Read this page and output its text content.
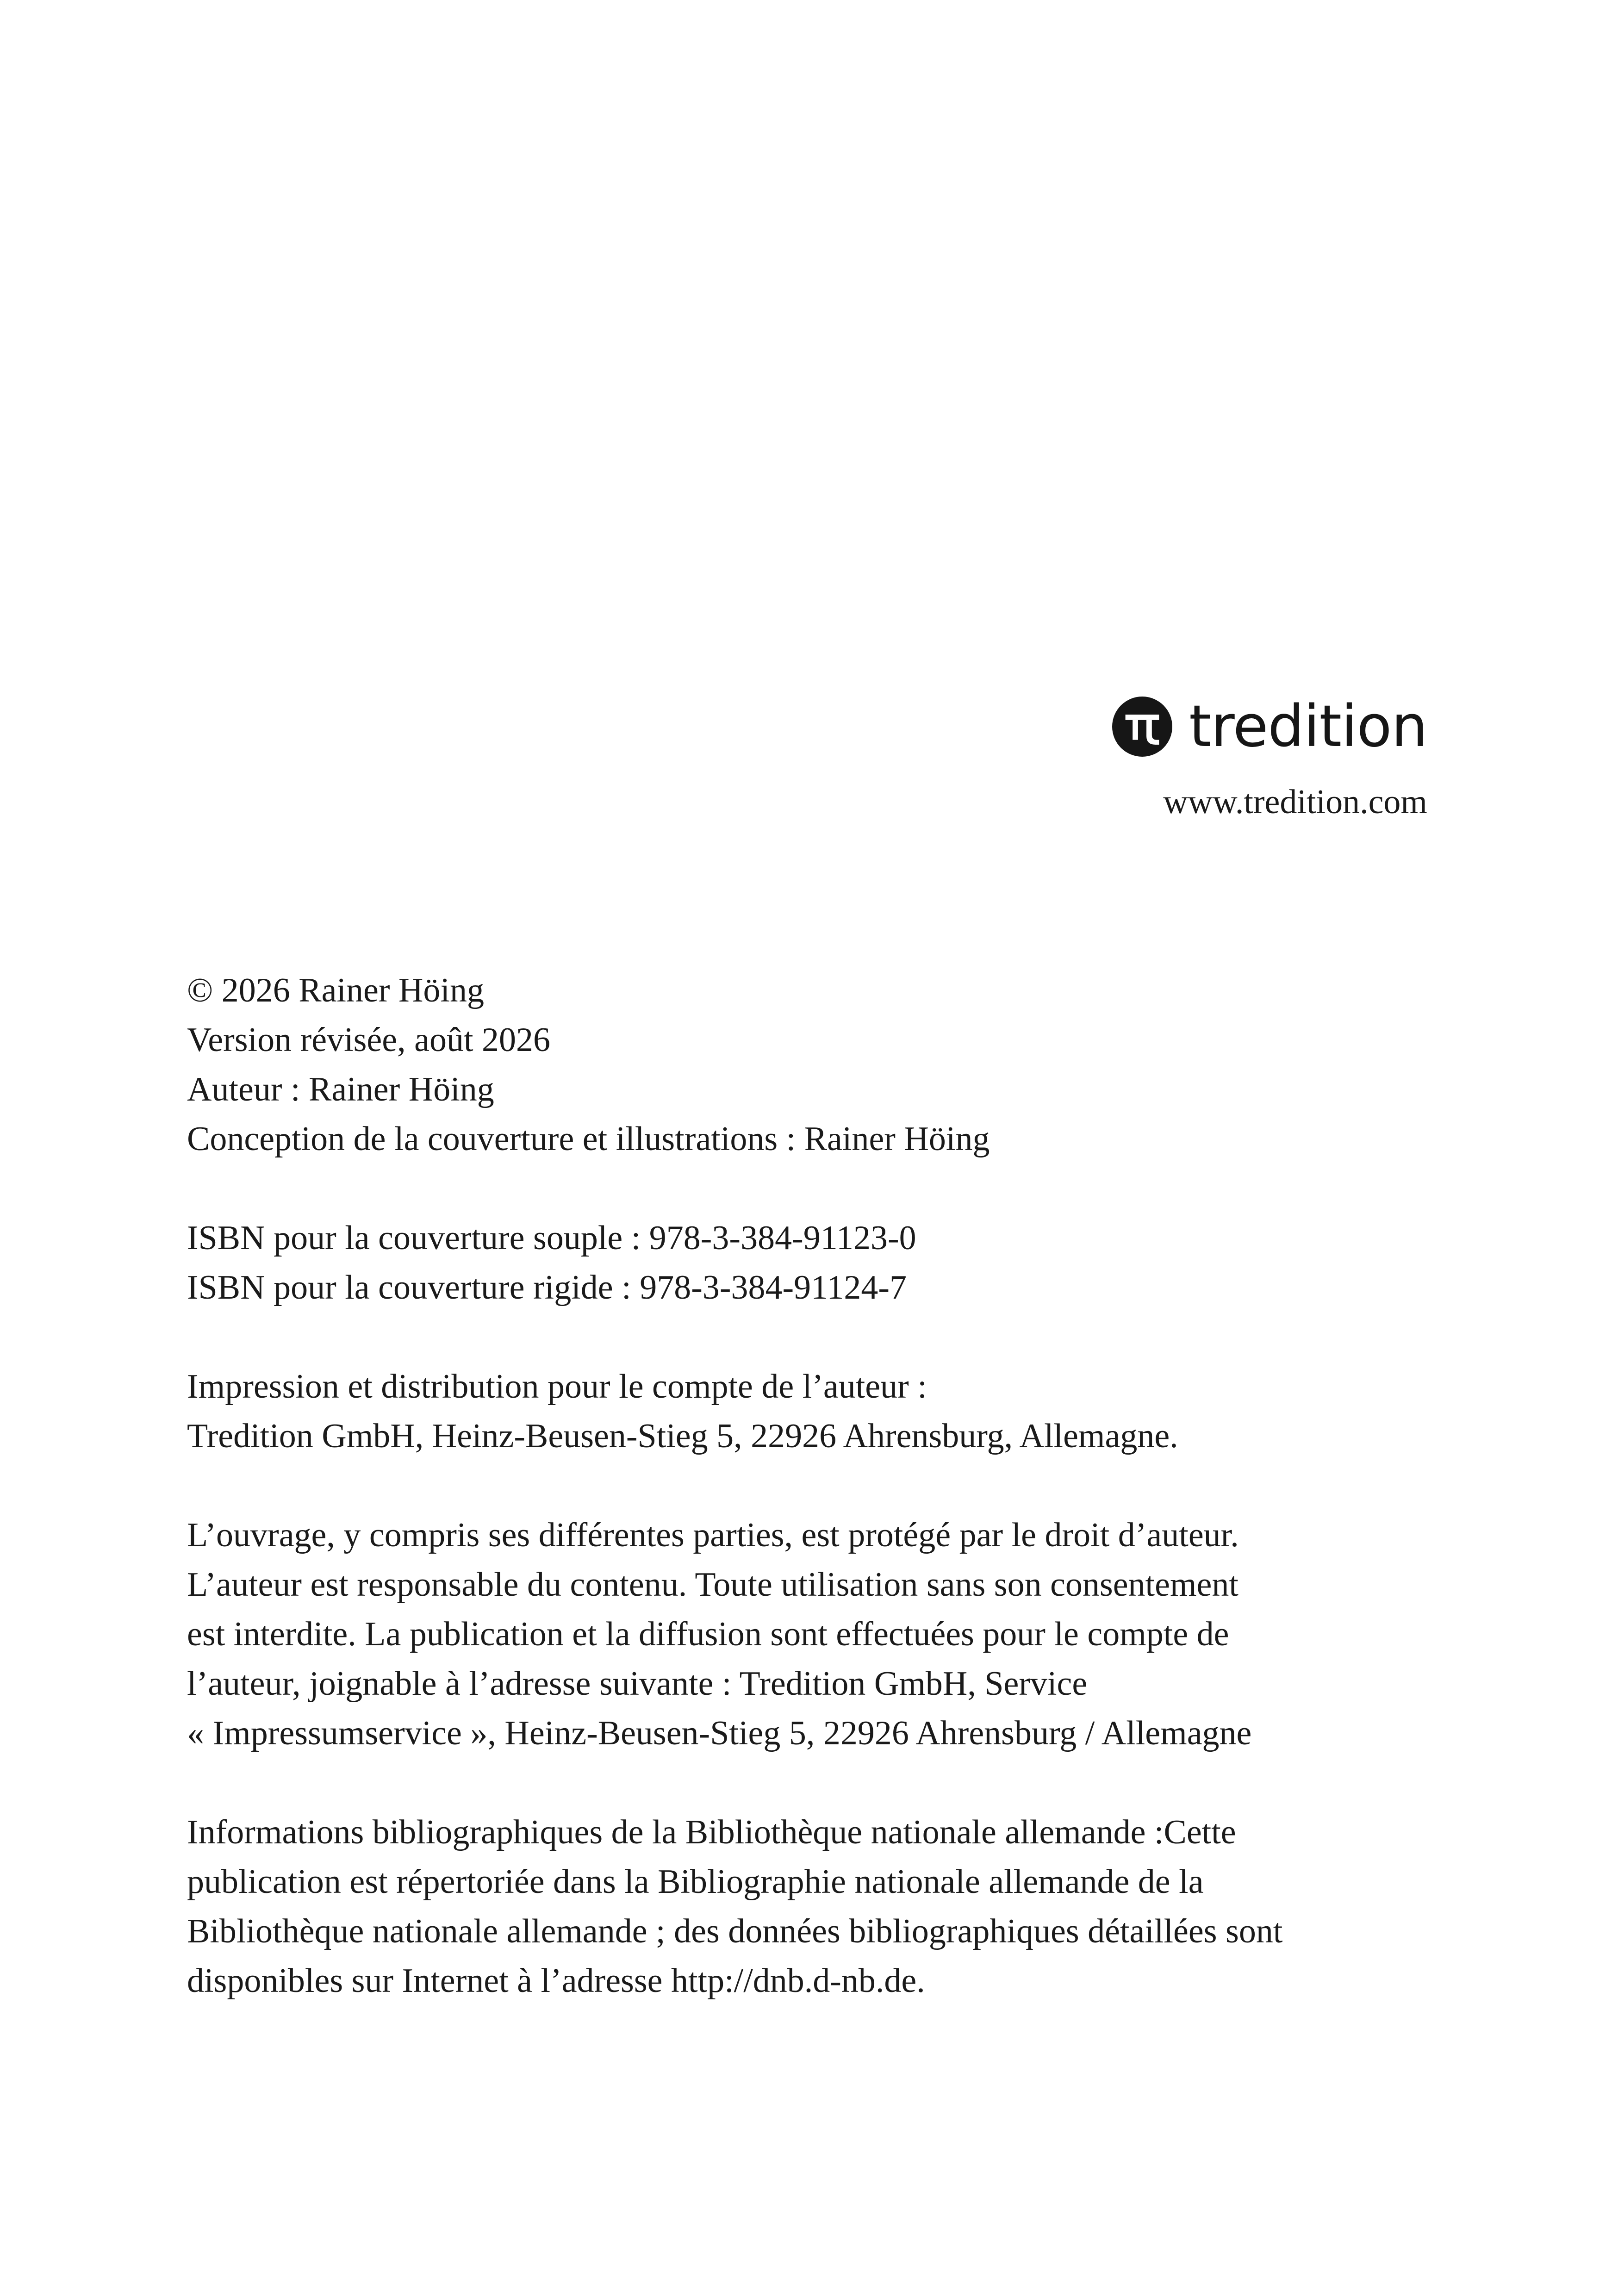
tredition
www.tredition.com
© 2026 Rainer Höing
Version révisée, août 2026
Auteur : Rainer Höing
Conception de la couverture et illustrations : Rainer Höing
ISBN pour la couverture souple : 978-3-384-91123-0
ISBN pour la couverture rigide : 978-3-384-91124-7
Impression et distribution pour le compte de l’auteur :
Tredition GmbH, Heinz-Beusen-Stieg 5, 22926 Ahrensburg, Allemagne.
L’ouvrage, y compris ses différentes parties, est protégé par le droit d’auteur.
L’auteur est responsable du contenu. Toute utilisation sans son consentement
est interdite. La publication et la diffusion sont effectuées pour le compte de
l’auteur, joignable à l’adresse suivante : Tredition GmbH, Service
« Impressumservice », Heinz-Beusen-Stieg 5, 22926 Ahrensburg / Allemagne
Informations bibliographiques de la Bibliothèque nationale allemande :Cette
publication est répertoriée dans la Bibliographie nationale allemande de la
Bibliothèque nationale allemande ; des données bibliographiques détaillées sont
disponibles sur Internet à l’adresse http://dnb.d-nb.de.
